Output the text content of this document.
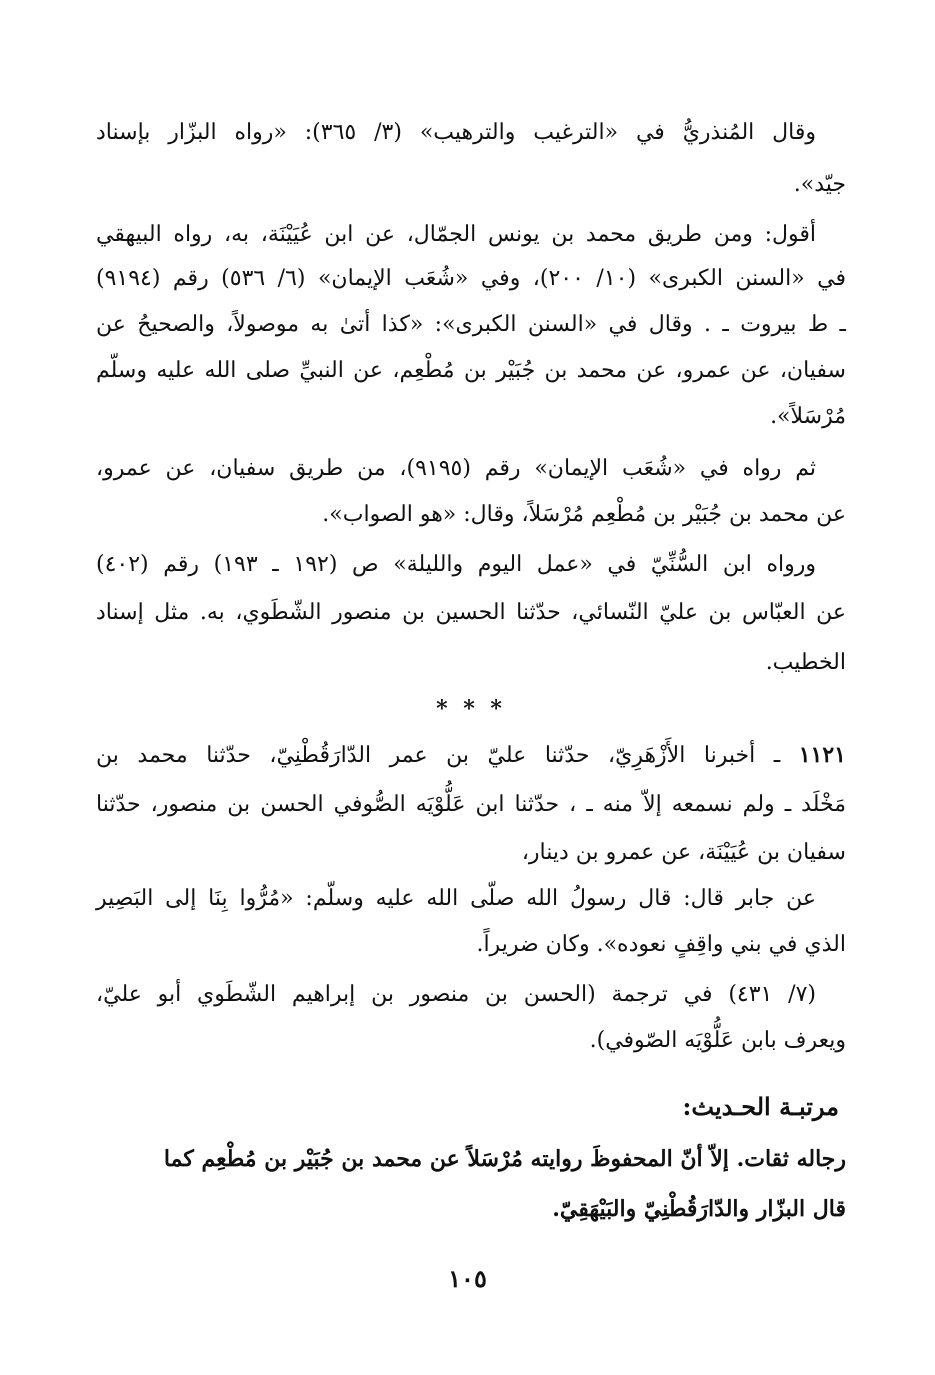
وقال المُنذريُّ في «الترغيب والترهيب» (٣/ ٣٦٥): «رواه البزّار بإسناد
جيّد».
أقول: ومن طريق محمد بن يونس الجمّال، عن ابن عُيَيْنَة، به، رواه البيهقي
في «السنن الكبرى» (١٠/ ٢٠٠)، وفي «شُعَب الإيمان» (٦/ ٥٣٦) رقم (٩١٩٤)
ـ ط بيروت ـ . وقال في «السنن الكبرى»: «كذا أتىٰ به موصولاً، والصحيحُ عن
سفيان، عن عمرو، عن محمد بن جُبَيْر بن مُطْعِم، عن النبيِّ صلى الله عليه وسلّم
مُرْسَلاً».
ثم رواه في «شُعَب الإيمان» رقم (٩١٩٥)، من طريق سفيان، عن عمرو،
عن محمد بن جُبَيْر بن مُطْعِم مُرْسَلاً، وقال: «هو الصواب».
ورواه ابن السُّنِّيّ في «عمل اليوم والليلة» ص (١٩٢ ـ ١٩٣) رقم (٤٠٢)
عن العبّاس بن عليّ النّسائي، حدّثنا الحسين بن منصور الشّطَوي، به. مثل إسناد
الخطيب.
* * *
١١٢١ ـ أخبرنا الأَزْهَرِيّ، حدّثنا عليّ بن عمر الدّارَقُطْنِيّ، حدّثنا محمد بن
مَخْلَد ـ ولم نسمعه إلاّ منه ـ ، حدّثنا ابن عَلُّوْيَه الصُّوفي الحسن بن منصور، حدّثنا
سفيان بن عُيَيْنَة، عن عمرو بن دينار،
عن جابر قال: قال رسولُ الله صلّى الله عليه وسلّم: «مُرُّوا بِنَا إلى البَصِير
الذي في بني واقِفٍ نعوده». وكان ضريراً.
(٧/ ٤٣١) في ترجمة (الحسن بن منصور بن إبراهيم الشّطَوي أبو عليّ،
ويعرف بابن عَلُّوْيَه الصّوفي).
رجاله ثقات. إلاّ أنّ المحفوظَ روايته مُرْسَلاً عن محمد بن جُبَيْر بن مُطْعِم كما
قال البزّار والدّارَقُطْنِيّ والبَيْهَقِيّ.
مرتبـة الحـديث:
١٠٥
